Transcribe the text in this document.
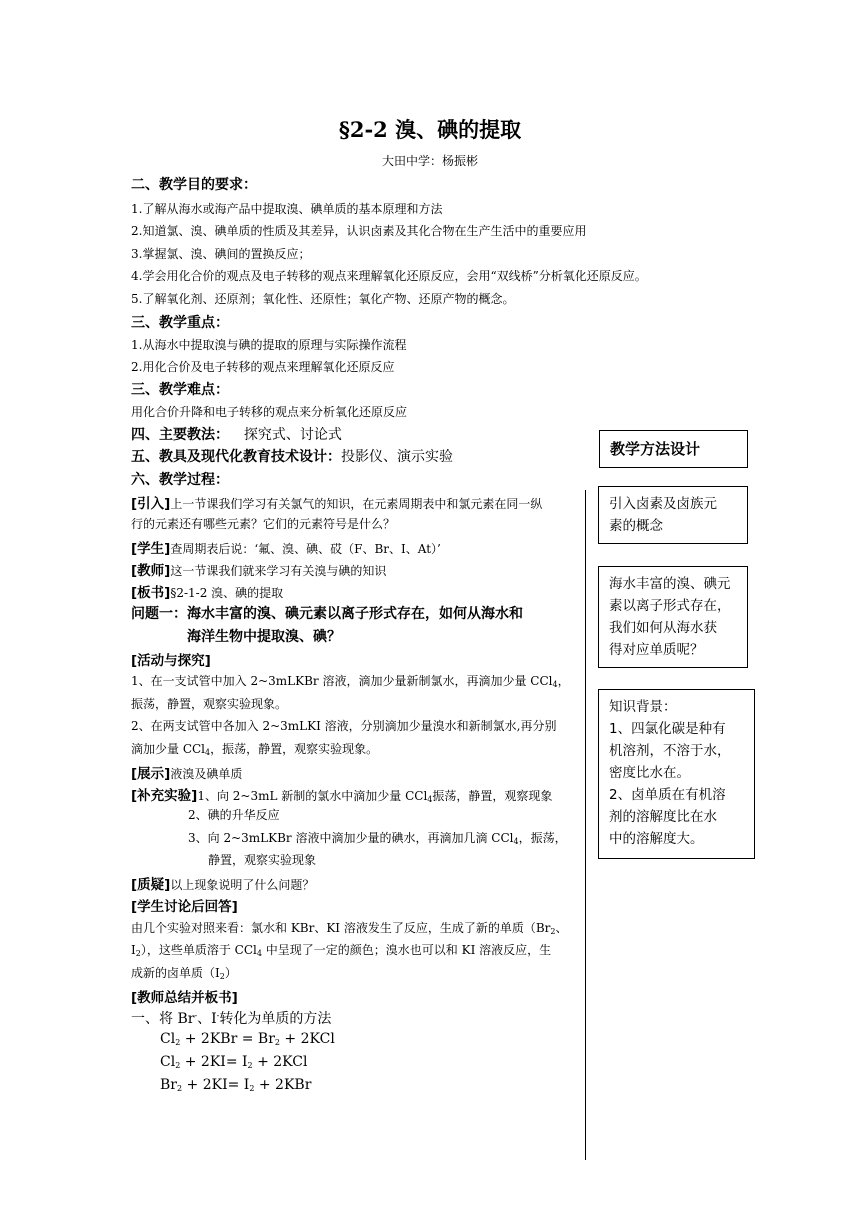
§2-2 溴、碘的提取
大田中学：杨振彬
二、教学目的要求：
1.了解从海水或海产品中提取溴、碘单质的基本原理和方法
2.知道氯、溴、碘单质的性质及其差异，认识卤素及其化合物在生产生活中的重要应用
3.掌握氯、溴、碘间的置换反应；
4.学会用化合价的观点及电子转移的观点来理解氧化还原反应，会用“双线桥”分析氧化还原反应。
5.了解氧化剂、还原剂；氧化性、还原性；氧化产物、还原产物的概念。
三、教学重点：
1.从海水中提取溴与碘的提取的原理与实际操作流程
2.用化合价及电子转移的观点来理解氧化还原反应
三、教学难点：
用化合价升降和电子转移的观点来分析氧化还原反应
四、主要教法： 探究式、讨论式
五、教具及现代化教育技术设计：投影仪、演示实验
六、教学过程：
[引入]上一节课我们学习有关氯气的知识，在元素周期表中和氯元素在同一纵
行的元素还有哪些元素？它们的元素符号是什么？
[学生]查周期表后说：‘氟、溴、碘、砹（F、Br、I、At）’
[教师]这一节课我们就来学习有关溴与碘的知识
[板书]§2-1-2 溴、碘的提取
问题一：海水丰富的溴、碘元素以离子形式存在，如何从海水和
海洋生物中提取溴、碘？
[活动与探究]
1、在一支试管中加入 2~3mLKBr 溶液，滴加少量新制氯水，再滴加少量 CCl$_4$，
振荡，静置，观察实验现象。
2、在两支试管中各加入 2~3mLKI 溶液，分别滴加少量溴水和新制氯水,再分别
滴加少量 CCl$_4$，振荡，静置，观察实验现象。
[展示]液溴及碘单质
[补充实验]1、向 2~3mL 新制的氯水中滴加少量 CCl$_4$振荡，静置，观察现象
2、碘的升华反应
3、向 2~3mLKBr 溶液中滴加少量的碘水，再滴加几滴 CCl$_4$，振荡，
静置，观察实验现象
[质疑]以上现象说明了什么问题？
[学生讨论后回答]
由几个实验对照来看：氯水和 KBr、KI 溶液发生了反应，生成了新的单质（$Br_2$、
$I_2$），这些单质溶于 CCl$_4$ 中呈现了一定的颜色；溴水也可以和 KI 溶液反应，生
成新的卤单质$(I_2)$
[教师总结并板书]
一、将 Br-、I-转化为单质的方法
$Cl_2 + 2KBr = Br_2 + 2KCl$
$Cl_2 + 2KI= I_2 + 2KCl$
$Br_2 + 2KI= I_2 + 2KBr$
教学方法设计
引入卤素及卤族元
素的概念
海水丰富的溴、碘元
素以离子形式存在，
我们如何从海水获
得对应单质呢？
知识背景：
1、四氯化碳是种有
机溶剂，不溶于水，
密度比水在。
2、卤单质在有机溶
剂的溶解度比在水
中的溶解度大。
